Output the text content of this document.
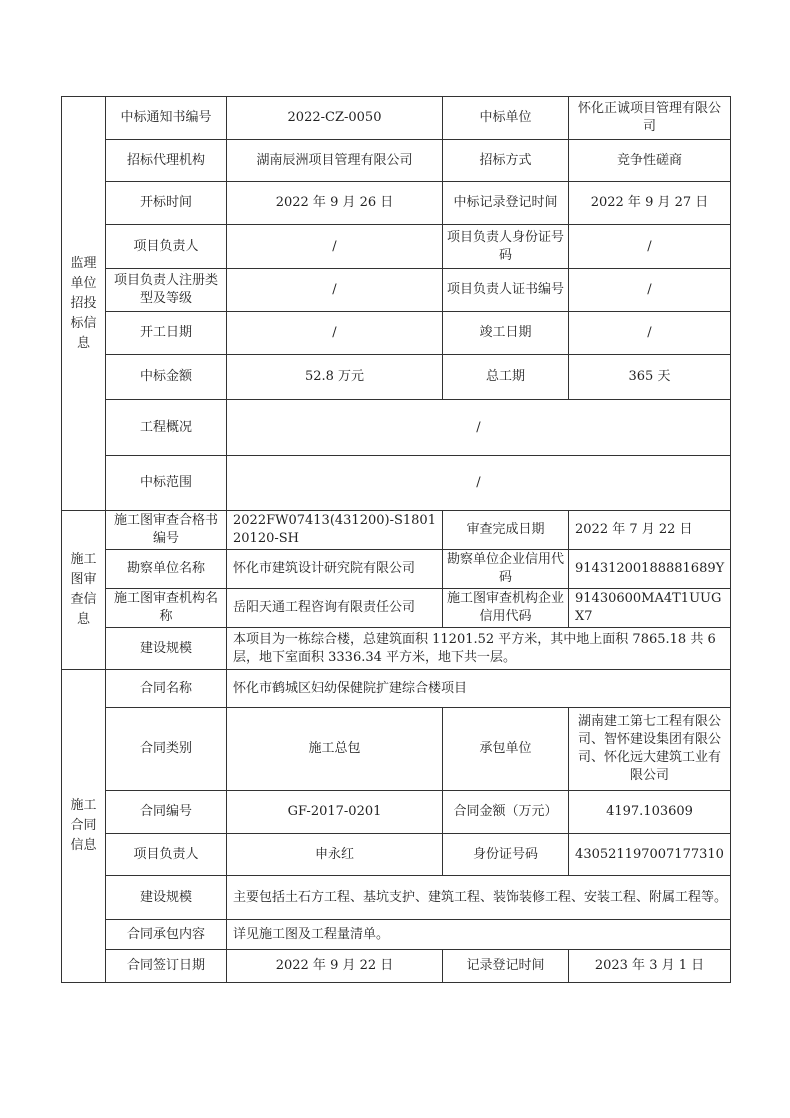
监理单位招投标信息	中标通知书编号	2022-CZ-0050	中标单位	怀化正诚项目管理有限公司
	招标代理机构	湖南辰洲项目管理有限公司	招标方式	竞争性磋商
	开标时间	2022 年 9 月 26 日	中标记录登记时间	2022 年 9 月 27 日
	项目负责人	/	项目负责人身份证号码	/
	项目负责人注册类型及等级	/	项目负责人证书编号	/
	开工日期	/	竣工日期	/
	中标金额	52.8 万元	总工期	365 天
	工程概况	/		
	中标范围	/		
施工图审查信息	施工图审查合格书编号	2022FW07413(431200)-S180120120-SH	审查完成日期	2022 年 7 月 22 日
	勘察单位名称	怀化市建筑设计研究院有限公司	勘察单位企业信用代码	91431200188881689Y
	施工图审查机构名称	岳阳天通工程咨询有限责任公司	施工图审查机构企业信用代码	91430600MA4T1UUGX7
	建设规模	本项目为一栋综合楼，总建筑面积 11201.52 平方米，其中地上面积 7865.18 共 6 层，地下室面积 3336.34 平方米，地下共一层。		
施工合同信息	合同名称	怀化市鹤城区妇幼保健院扩建综合楼项目		
	合同类别	施工总包	承包单位	湖南建工第七工程有限公司、智怀建设集团有限公司、怀化远大建筑工业有限公司
	合同编号	GF-2017-0201	合同金额（万元）	4197.103609
	项目负责人	申永红	身份证号码	430521197007177310
	建设规模	主要包括土石方工程、基坑支护、建筑工程、装饰装修工程、安装工程、附属工程等。		
	合同承包内容	详见施工图及工程量清单。		
	合同签订日期	2022 年 9 月 22 日	记录登记时间	2023 年 3 月 1 日
